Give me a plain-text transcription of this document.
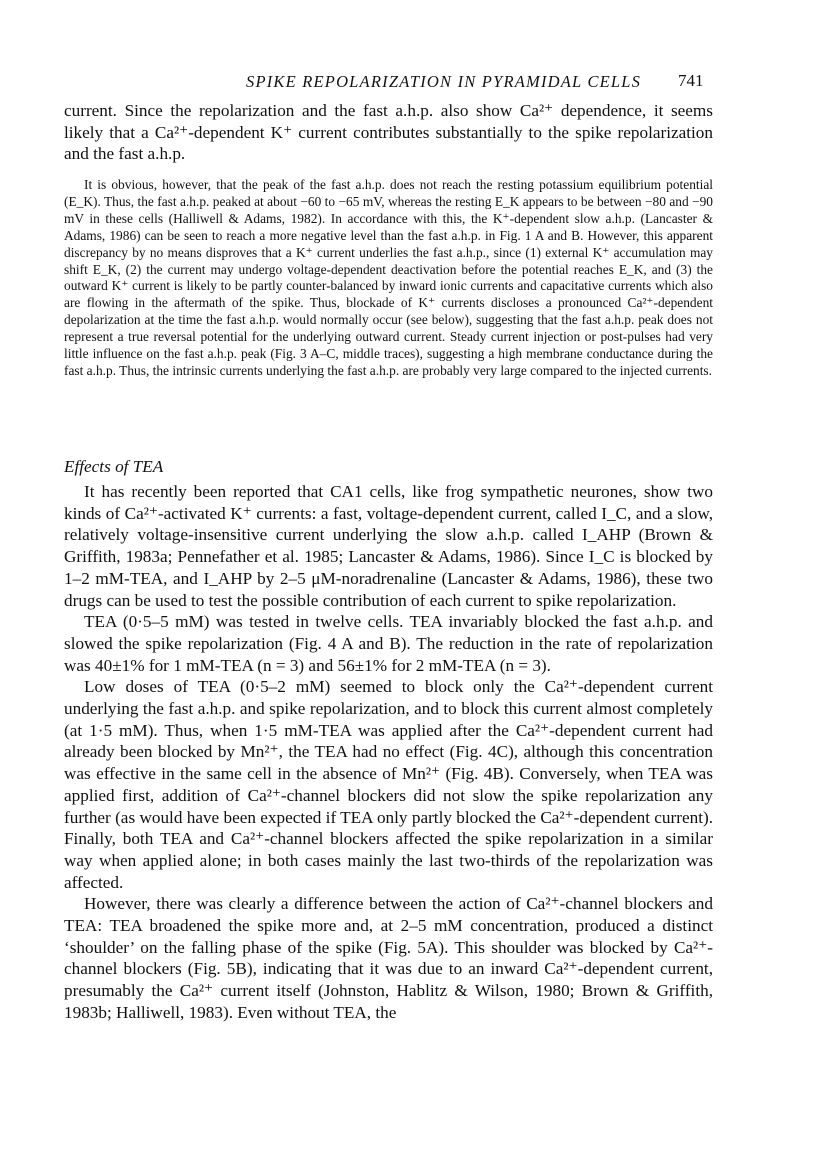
SPIKE REPOLARIZATION IN PYRAMIDAL CELLS 741

current. Since the repolarization and the fast a.h.p. also show Ca²⁺ dependence, it seems likely that a Ca²⁺-dependent K⁺ current contributes substantially to the spike repolarization and the fast a.h.p.

It is obvious, however, that the peak of the fast a.h.p. does not reach the resting potassium equilibrium potential (E_K). Thus, the fast a.h.p. peaked at about −60 to −65 mV, whereas the resting E_K appears to be between −80 and −90 mV in these cells (Halliwell & Adams, 1982). In accordance with this, the K⁺-dependent slow a.h.p. (Lancaster & Adams, 1986) can be seen to reach a more negative level than the fast a.h.p. in Fig. 1 A and B. However, this apparent discrepancy by no means disproves that a K⁺ current underlies the fast a.h.p., since (1) external K⁺ accumulation may shift E_K, (2) the current may undergo voltage-dependent deactivation before the potential reaches E_K, and (3) the outward K⁺ current is likely to be partly counter-balanced by inward ionic currents and capacitative currents which also are flowing in the aftermath of the spike. Thus, blockade of K⁺ currents discloses a pronounced Ca²⁺-dependent depolarization at the time the fast a.h.p. would normally occur (see below), suggesting that the fast a.h.p. peak does not represent a true reversal potential for the underlying outward current. Steady current injection or post-pulses had very little influence on the fast a.h.p. peak (Fig. 3 A–C, middle traces), suggesting a high membrane conductance during the fast a.h.p. Thus, the intrinsic currents underlying the fast a.h.p. are probably very large compared to the injected currents.

Effects of TEA

It has recently been reported that CA1 cells, like frog sympathetic neurones, show two kinds of Ca²⁺-activated K⁺ currents: a fast, voltage-dependent current, called I_C, and a slow, relatively voltage-insensitive current underlying the slow a.h.p. called I_AHP (Brown & Griffith, 1983a; Pennefather et al. 1985; Lancaster & Adams, 1986). Since I_C is blocked by 1–2 mM-TEA, and I_AHP by 2–5 μM-noradrenaline (Lancaster & Adams, 1986), these two drugs can be used to test the possible contribution of each current to spike repolarization.

TEA (0·5–5 mM) was tested in twelve cells. TEA invariably blocked the fast a.h.p. and slowed the spike repolarization (Fig. 4 A and B). The reduction in the rate of repolarization was 40±1% for 1 mM-TEA (n = 3) and 56±1% for 2 mM-TEA (n = 3).

Low doses of TEA (0·5–2 mM) seemed to block only the Ca²⁺-dependent current underlying the fast a.h.p. and spike repolarization, and to block this current almost completely (at 1·5 mM). Thus, when 1·5 mM-TEA was applied after the Ca²⁺-dependent current had already been blocked by Mn²⁺, the TEA had no effect (Fig. 4C), although this concentration was effective in the same cell in the absence of Mn²⁺ (Fig. 4B). Conversely, when TEA was applied first, addition of Ca²⁺-channel blockers did not slow the spike repolarization any further (as would have been expected if TEA only partly blocked the Ca²⁺-dependent current). Finally, both TEA and Ca²⁺-channel blockers affected the spike repolarization in a similar way when applied alone; in both cases mainly the last two-thirds of the repolarization was affected.

However, there was clearly a difference between the action of Ca²⁺-channel blockers and TEA: TEA broadened the spike more and, at 2–5 mM concentration, produced a distinct ‘shoulder’ on the falling phase of the spike (Fig. 5A). This shoulder was blocked by Ca²⁺-channel blockers (Fig. 5B), indicating that it was due to an inward Ca²⁺-dependent current, presumably the Ca²⁺ current itself (Johnston, Hablitz & Wilson, 1980; Brown & Griffith, 1983b; Halliwell, 1983). Even without TEA, the
